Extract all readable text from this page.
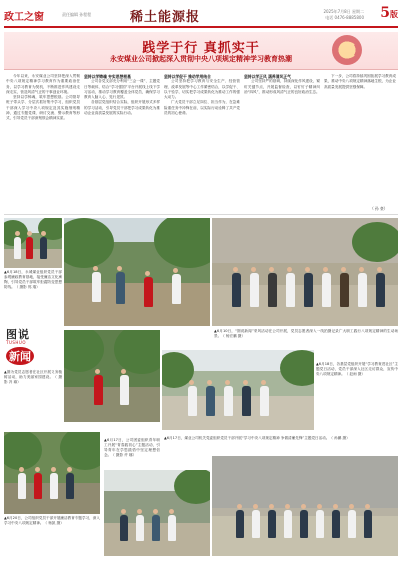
政工之窗	责任编辑 孙程程	稀土能源报	2025年7月8日 星期二
电话 0476-8885800 5版
践学于行 真抓实干
永安煤业公司掀起深入贯彻中央八项规定精神学习教育热潮

今年以来，永安煤业公司坚持把深入贯彻中央八项规定精神学习教育作为重要政治任务，以学习教育为契机，不断推进作风建设走深走实，营造风清气正的干事创业环境。

坚持以学铸魂，筑牢思想根基。公司领导班子带头学、分层次抓好集中学习，组织党员干部深入学习中央八项规定及其实施细则精神，通过专题党课、研讨交流、警示教育等形式，引导党员干部深刻领会精神实质。

坚持以学铸魂 夯实思想根基

公司各党支部充分利用“三会一课”、主题党日等载体，结合“学习强国”平台开展线上线下学习活动，推动学习教育覆盖全体党员，确保学习教育入脑入心、见行见效。

各基层党组织结合实际，组织开展形式多样的学习活动，引导党员干部把学习成果转化为推动企业高质量发展的实际行动。

坚持以学促干 推动学用结合

公司坚持把学习教育与安全生产、经营管理、改革发展等中心工作紧密结合，以学促干、以干验学，切实把学习成果转化为推动工作的强大动力。

广大党员干部立足岗位、担当作为，在急难险重任务中冲锋在前，以实际行动诠释了共产党员的初心使命。

坚持以学正风 涵养清风正气

公司坚持严的基调，持续深化作风建设，紧盯关键节点，开展监督检查，以钉钉子精神纠治“四风”，推动形成风清气正的良好政治生态。

下一步，公司将持续巩固拓展学习教育成果，推动中央八项规定精神落地生根，为企业高质量发展提供坚强保障。

（ 孙 豪）
▲6月18日，永城煤业组织党员干部参观廉政教育基地，接受廉洁文化熏陶，引导党员干部筑牢拒腐防变思想防线。（ 摄影 郭 瑞）
图说
TUSHUO
新闻
▲6月10日，“图说新闻”采风活动在公司开展，党员志愿者深入一线拍摄记录广大职工践行八项规定精神的生动场景。（ 杨宏鹏 摄）
▲图为党员志愿者在社区开展义务植树活动，助力美丽家园建设。（ 摄影 冯 瑜）
▲6月18日，各基层党组织开展“学习教育进社区”主题党日活动，党员干部深入社区走访群众，宣传中央八项规定精神。（ 赵雨 摄）
▲6月17日，公司团委组织青年职工开展“青春践初心”主题活动，引导青年在学思践悟中坚定理想信念。（ 摄影 许 娜）
▲6月17日，煤业公司机关党委组织党员干部开展“学习中央八项规定精神 争做清廉先锋”主题党日活动。（ 孙鹏 摄）
▲6月20日，公司组织党员干部开展廉洁教育专题学习，深入学习中央八项规定精神。（ 杨凯 摄）
